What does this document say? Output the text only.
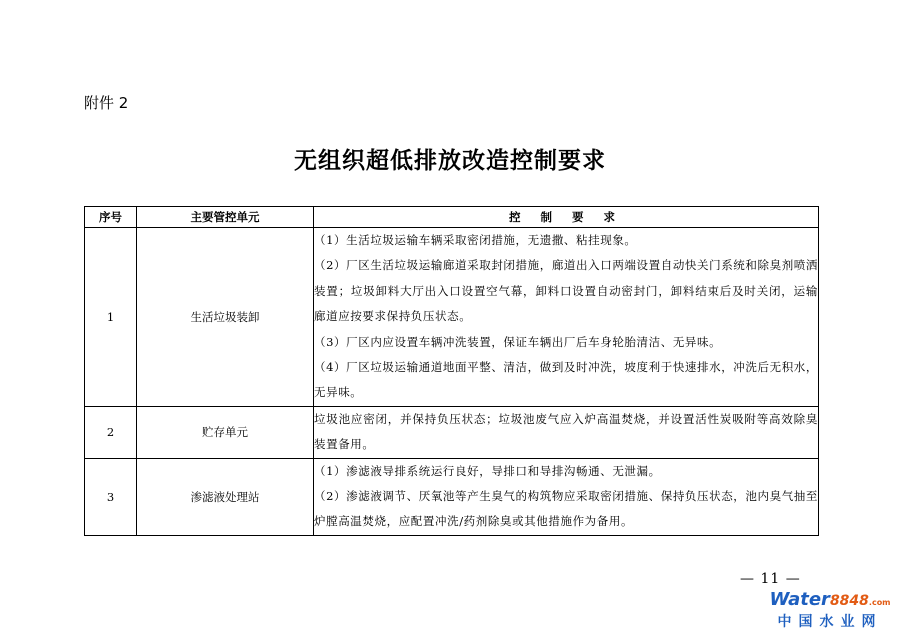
附件 2
无组织超低排放改造控制要求
序号	主要管控单元	控 制 要 求
1	生活垃圾装卸	（1）生活垃圾运输车辆采取密闭措施，无遗撒、粘挂现象。

（2）厂区生活垃圾运输廊道采取封闭措施，廊道出入口两端设置自动快关门系统和除臭剂喷洒装置；垃圾卸料大厅出入口设置空气幕，卸料口设置自动密封门，卸料结束后及时关闭，运输廊道应按要求保持负压状态。

（3）厂区内应设置车辆冲洗装置，保证车辆出厂后车身轮胎清洁、无异味。

（4）厂区垃圾运输通道地面平整、清洁，做到及时冲洗，坡度利于快速排水，冲洗后无积水，无异味。

2	贮存单元	垃圾池应密闭，并保持负压状态；垃圾池废气应入炉高温焚烧，并设置活性炭吸附等高效除臭装置备用。

3	渗滤液处理站	（1）渗滤液导排系统运行良好，导排口和导排沟畅通、无泄漏。

（2）渗滤液调节、厌氧池等产生臭气的构筑物应采取密闭措施、保持负压状态，池内臭气抽至炉膛高温焚烧，应配置冲洗/药剂除臭或其他措施作为备用。

— 11 —
Water8848.com
中国水业网
